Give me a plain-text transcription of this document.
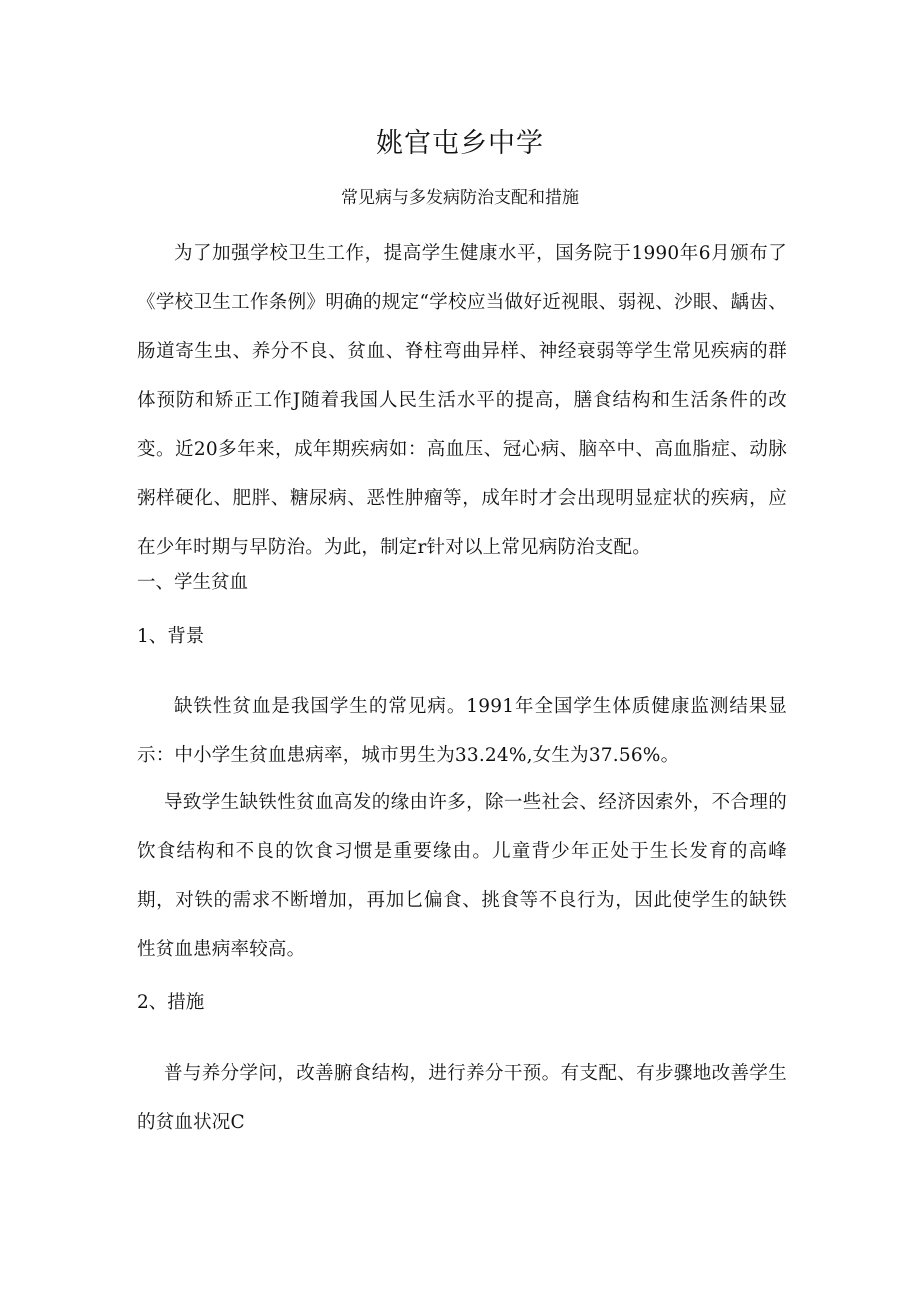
姚官屯乡中学

常见病与多发病防治支配和措施

为了加强学校卫生工作，提高学生健康水平，国务院于1990年6月颁布了《学校卫生工作条例》明确的规定“学校应当做好近视眼、弱视、沙眼、龋齿、肠道寄生虫、养分不良、贫血、脊柱弯曲异样、神经衰弱等学生常见疾病的群体预防和矫正工作J随着我国人民生活水平的提高，膳食结构和生活条件的改变。近20多年来，成年期疾病如：高血压、冠心病、脑卒中、高血脂症、动脉粥样硬化、肥胖、糖尿病、恶性肿瘤等，成年时才会出现明显症状的疾病，应在少年时期与早防治。为此，制定r针对以上常见病防治支配。

一、学生贫血

1、背景

缺铁性贫血是我国学生的常见病。1991年全国学生体质健康监测结果显示：中小学生贫血患病率，城市男生为33.24%,女生为37.56%。

导致学生缺铁性贫血高发的缘由许多，除一些社会、经济因索外，不合理的饮食结构和不良的饮食习惯是重要缘由。儿童背少年正处于生长发育的高峰期，对铁的需求不断增加，再加匕偏食、挑食等不良行为，因此使学生的缺铁性贫血患病率较高。

2、措施

普与养分学问，改善腑食结构，进行养分干预。有支配、有步骤地改善学生的贫血状况C
